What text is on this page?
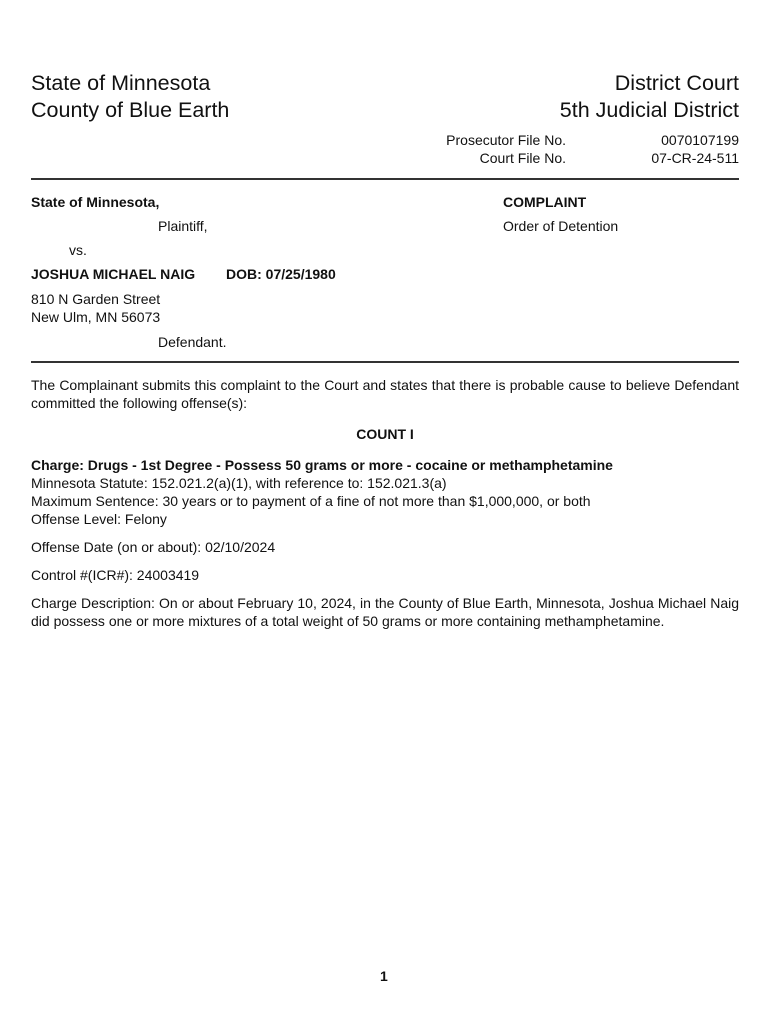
State of Minnesota
County of Blue Earth
District Court
5th Judicial District
Prosecutor File No.
Court File No.
0070107199
07-CR-24-511
State of Minnesota,
Plaintiff,
vs.
JOSHUA MICHAEL NAIG DOB: 07/25/1980
810 N Garden Street
New Ulm, MN 56073
Defendant.
COMPLAINT
Order of Detention
The Complainant submits this complaint to the Court and states that there is probable cause to believe Defendant committed the following offense(s):
COUNT I
Charge: Drugs - 1st Degree - Possess 50 grams or more - cocaine or methamphetamine
Minnesota Statute: 152.021.2(a)(1), with reference to: 152.021.3(a)
Maximum Sentence: 30 years or to payment of a fine of not more than $1,000,000, or both
Offense Level: Felony
Offense Date (on or about): 02/10/2024
Control #(ICR#): 24003419
Charge Description: On or about February 10, 2024, in the County of Blue Earth, Minnesota, Joshua Michael Naig did possess one or more mixtures of a total weight of 50 grams or more containing methamphetamine.
1
